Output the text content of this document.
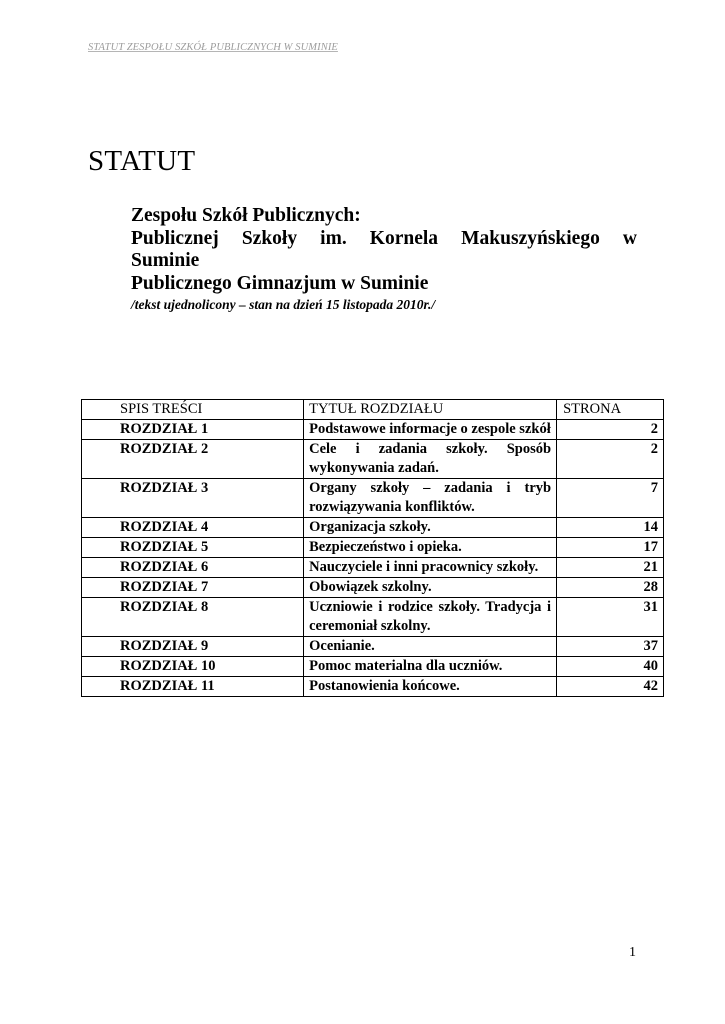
STATUT ZESPOŁU SZKÓŁ PUBLICZNYCH W SUMINIE
STATUT
Zespołu Szkół Publicznych:
Publicznej Szkoły im. Kornela Makuszyńskiego w
Suminie
Publicznego Gimnazjum w Suminie
/tekst ujednolicony – stan na dzień 15 listopada 2010r./
SPIS TREŚCI	TYTUŁ ROZDZIAŁU	STRONA
ROZDZIAŁ 1	Podstawowe informacje o zespole szkół	2
ROZDZIAŁ 2	Cele i zadania szkoły. Sposób wykonywania zadań.	2
ROZDZIAŁ 3	Organy szkoły – zadania i tryb rozwiązywania konfliktów.	7
ROZDZIAŁ 4	Organizacja szkoły.	14
ROZDZIAŁ 5	Bezpieczeństwo i opieka.	17
ROZDZIAŁ 6	Nauczyciele i inni pracownicy szkoły.	21
ROZDZIAŁ 7	Obowiązek szkolny.	28
ROZDZIAŁ 8	Uczniowie i rodzice szkoły. Tradycja i ceremoniał szkolny.	31
ROZDZIAŁ 9	Ocenianie.	37
ROZDZIAŁ 10	Pomoc materialna dla uczniów.	40
ROZDZIAŁ 11	Postanowienia końcowe.	42
1
